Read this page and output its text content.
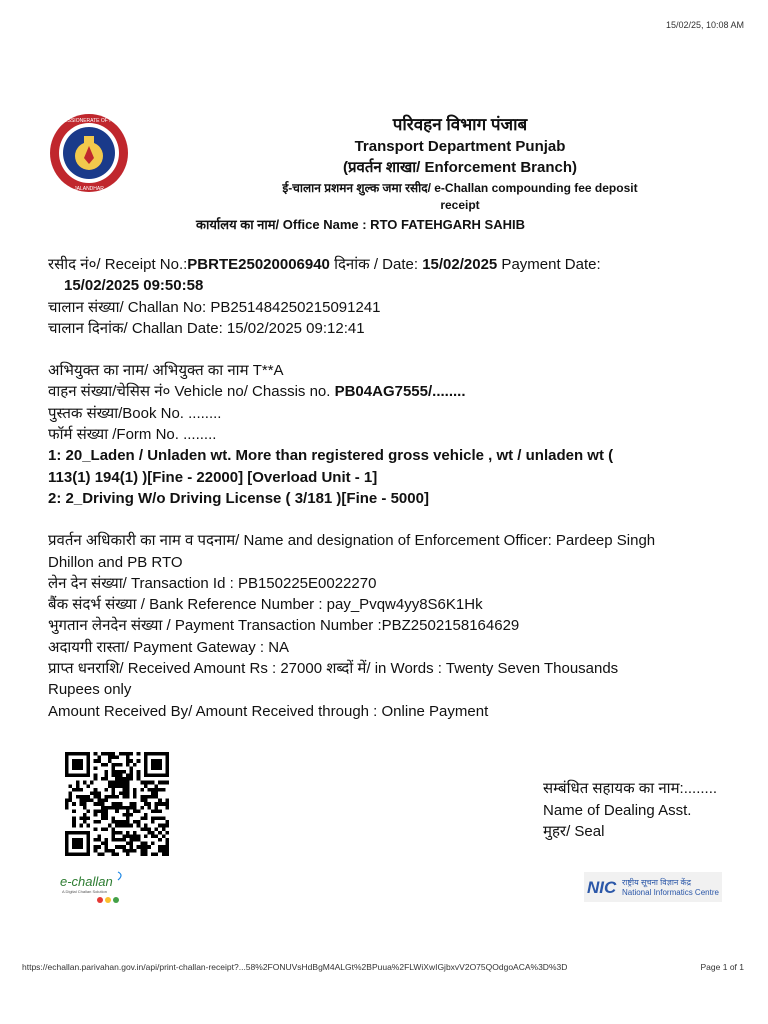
15/02/25, 10:08 AM
COMMISSIONERATE OF POLICE
JALANDHAR
परिवहन विभाग पंजाब
Transport Department Punjab
(प्रवर्तन शाखा/ Enforcement Branch)
ई-चालान प्रशमन शुल्क जमा रसीद/ e-Challan compounding fee deposit
receipt
कार्यालय का नाम/ Office Name : RTO FATEHGARH SAHIB
रसीद नं०/ Receipt No.:PBRTE25020006940 दिनांक / Date: 15/02/2025 Payment Date:
15/02/2025 09:50:58
चालान संख्या/ Challan No: PB251484250215091241
चालान दिनांक/ Challan Date: 15/02/2025 09:12:41
अभियुक्त का नाम/ अभियुक्त का नाम T**A
वाहन संख्या/चेसिस नं० Vehicle no/ Chassis no. PB04AG7555/........
पुस्तक संख्या/Book No. ........
फॉर्म संख्या /Form No. ........
1: 20_Laden / Unladen wt. More than registered gross vehicle , wt / unladen wt (
113(1) 194(1) )[Fine - 22000] [Overload Unit - 1]
2: 2_Driving W/o Driving License ( 3/181 )[Fine - 5000]
प्रवर्तन अधिकारी का नाम व पदनाम/ Name and designation of Enforcement Officer: Pardeep Singh
Dhillon and PB RTO
लेन देन संख्या/ Transaction Id : PB150225E0022270
बैंक संदर्भ संख्या / Bank Reference Number : pay_Pvqw4yy8S6K1Hk
भुगतान लेनदेन संख्या / Payment Transaction Number :PBZ2502158164629
अदायगी रास्ता/ Payment Gateway : NA
प्राप्त धनराशि/ Received Amount Rs : 27000 शब्दों में/ in Words : Twenty Seven Thousands
Rupees only
Amount Received By/ Amount Received through : Online Payment
e-challan
A Digital Challan Solution
सम्बंधित सहायक का नाम:........
Name of Dealing Asst.
मुहर/ Seal
NIC राष्ट्रीय सूचना विज्ञान केंद्र
National Informatics Centre
https://echallan.parivahan.gov.in/api/print-challan-receipt?...58%2FONUVsHdBgM4ALGt%2BPuua%2FLWiXwIGjbxvV2O75QOdgoACA%3D%3D	Page 1 of 1
